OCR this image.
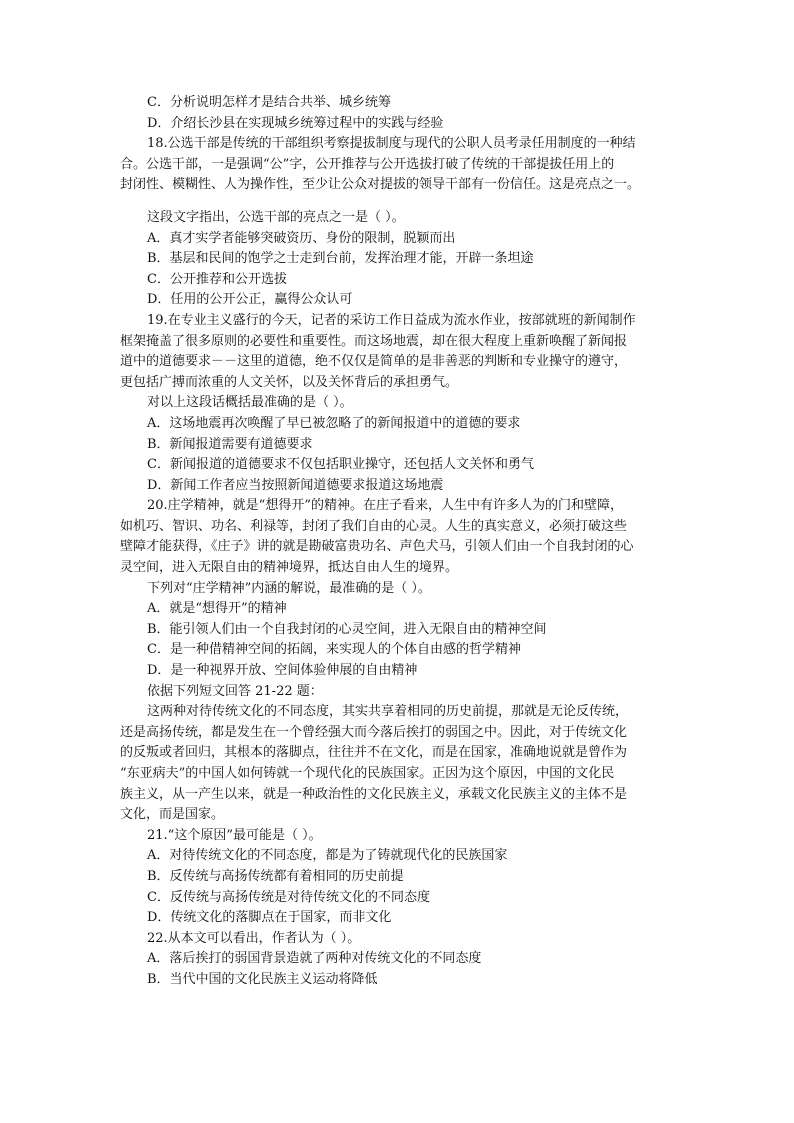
C．分析说明怎样才是结合共举、城乡统筹
D．介绍长沙县在实现城乡统筹过程中的实践与经验
18.公选干部是传统的干部组织考察提拔制度与现代的公职人员考录任用制度的一种结
合。公选干部，一是强调“公”字，公开推荐与公开选拔打破了传统的干部提拔任用上的
封闭性、模糊性、人为操作性，至少让公众对提拔的领导干部有一份信任。这是亮点之一。
这段文字指出，公选干部的亮点之一是（ ）。
A．真才实学者能够突破资历、身份的限制，脱颖而出
B．基层和民间的饱学之士走到台前，发挥治理才能，开辟一条坦途
C．公开推荐和公开选拔
D．任用的公开公正，赢得公众认可
19.在专业主义盛行的今天，记者的采访工作日益成为流水作业，按部就班的新闻制作
框架掩盖了很多原则的必要性和重要性。而这场地震，却在很大程度上重新唤醒了新闻报
道中的道德要求－－这里的道德，绝不仅仅是简单的是非善恶的判断和专业操守的遵守，
更包括广搏而浓重的人文关怀，以及关怀背后的承担勇气。
对以上这段话概括最准确的是（ ）。
A．这场地震再次唤醒了早已被忽略了的新闻报道中的道德的要求
B．新闻报道需要有道德要求
C．新闻报道的道德要求不仅包括职业操守，还包括人文关怀和勇气
D．新闻工作者应当按照新闻道德要求报道这场地震
20.庄学精神，就是“想得开”的精神。在庄子看来，人生中有许多人为的门和壁障，
如机巧、智识、功名、利禄等，封闭了我们自由的心灵。人生的真实意义，必须打破这些
壁障才能获得，《庄子》讲的就是勘破富贵功名、声色犬马，引领人们由一个自我封闭的心
灵空间，进入无限自由的精神境界，抵达自由人生的境界。
下列对“庄学精神”内涵的解说，最准确的是（ ）。
A．就是“想得开”的精神
B．能引领人们由一个自我封闭的心灵空间，进入无限自由的精神空间
C．是一种借精神空间的拓阔，来实现人的个体自由感的哲学精神
D．是一种视界开放、空间体验伸展的自由精神
依据下列短文回答 21-22 题：
这两种对待传统文化的不同态度，其实共享着相同的历史前提，那就是无论反传统，
还是高扬传统，都是发生在一个曾经强大而今落后挨打的弱国之中。因此，对于传统文化
的反叛或者回归，其根本的落脚点，往往并不在文化，而是在国家，准确地说就是曾作为
“东亚病夫”的中国人如何铸就一个现代化的民族国家。正因为这个原因，中国的文化民
族主义，从一产生以来，就是一种政治性的文化民族主义，承载文化民族主义的主体不是
文化，而是国家。
21.“这个原因”最可能是（ ）。
A．对待传统文化的不同态度，都是为了铸就现代化的民族国家
B．反传统与高扬传统都有着相同的历史前提
C．反传统与高扬传统是对待传统文化的不同态度
D．传统文化的落脚点在于国家，而非文化
22.从本文可以看出，作者认为（ ）。
A．落后挨打的弱国背景造就了两种对传统文化的不同态度
B．当代中国的文化民族主义运动将降低
